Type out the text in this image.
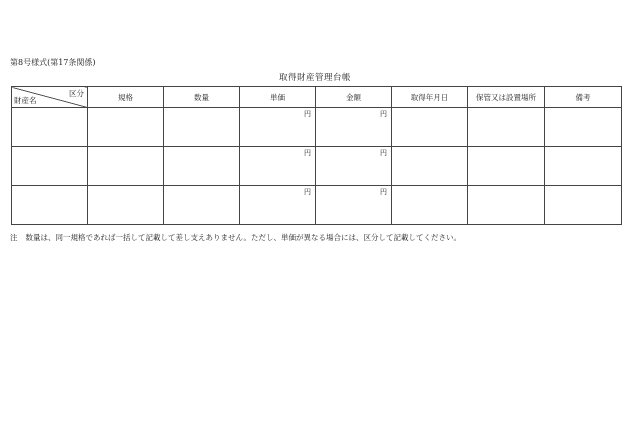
第8号様式(第17条関係)
取得財産管理台帳
区分
財産名	規格	数量	単価	金額	取得年月日	保管又は設置場所	備考
			円	円			
			円	円			
			円	円			
注 数量は、同一規格であれば一括して記載して差し支えありません。ただし、単価が異なる場合には、区分して記載してください。
